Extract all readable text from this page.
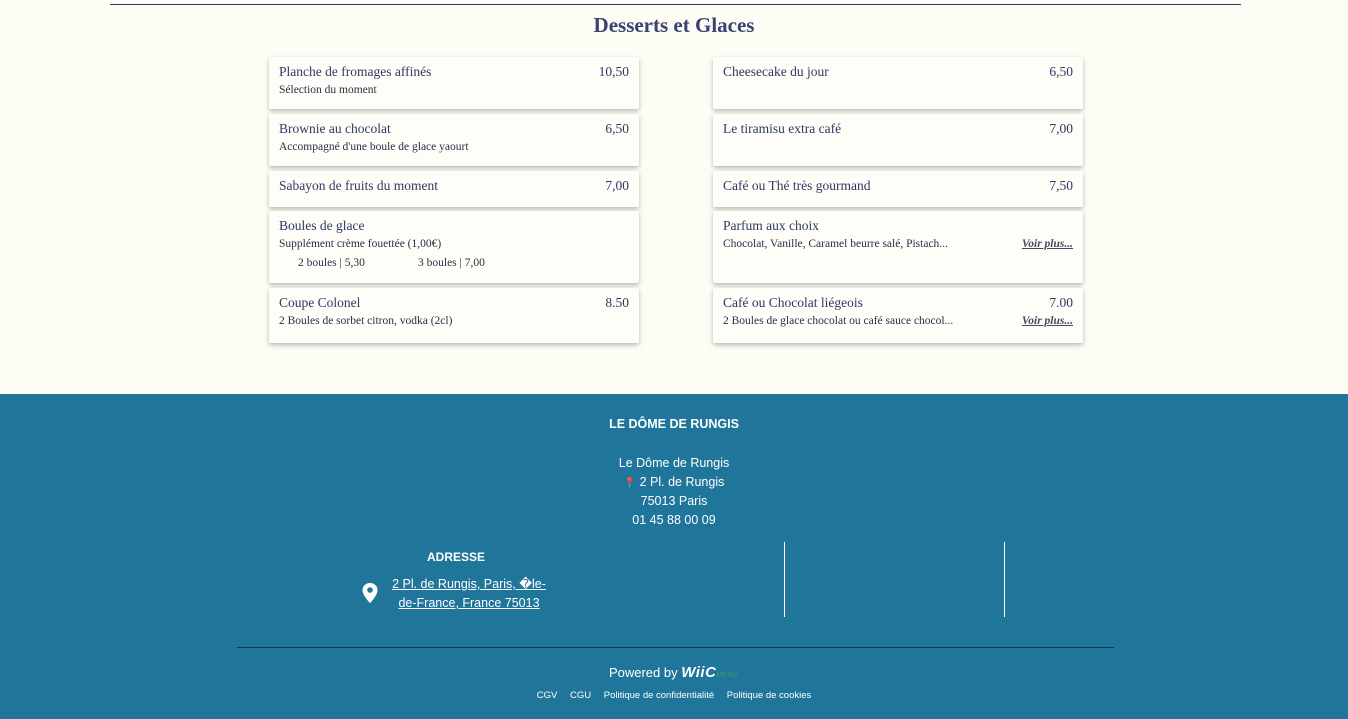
Desserts et Glaces
Planche de fromages affinés	10,50
Sélection du moment
Brownie au chocolat	6,50
Accompagné d'une boule de glace yaourt
Sabayon de fruits du moment	7,00
Boules de glace
Supplément crème fouettée (1,00€)
2 boules | 5,30	3 boules | 7,00
Coupe Colonel	8.50
2 Boules de sorbet citron, vodka (2cl)
Cheesecake du jour	6,50
Le tiramisu extra café	7,00
Café ou Thé très gourmand	7,50
Parfum aux choix
Chocolat, Vanille, Caramel beurre salé, Pistach...	Voir plus...
Café ou Chocolat liégeois	7.00
2 Boules de glace chocolat ou café sauce chocol...	Voir plus...
LE DÔME DE RUNGIS
Le Dôme de Rungis
📍 2 Pl. de Rungis
75013 Paris
01 45 88 00 09
ADRESSE
2 Pl. de Rungis, Paris, �le-de-France, France 75013
Powered by WiiCMENU
CGV CGU Politique de confidentialité Politique de cookies
